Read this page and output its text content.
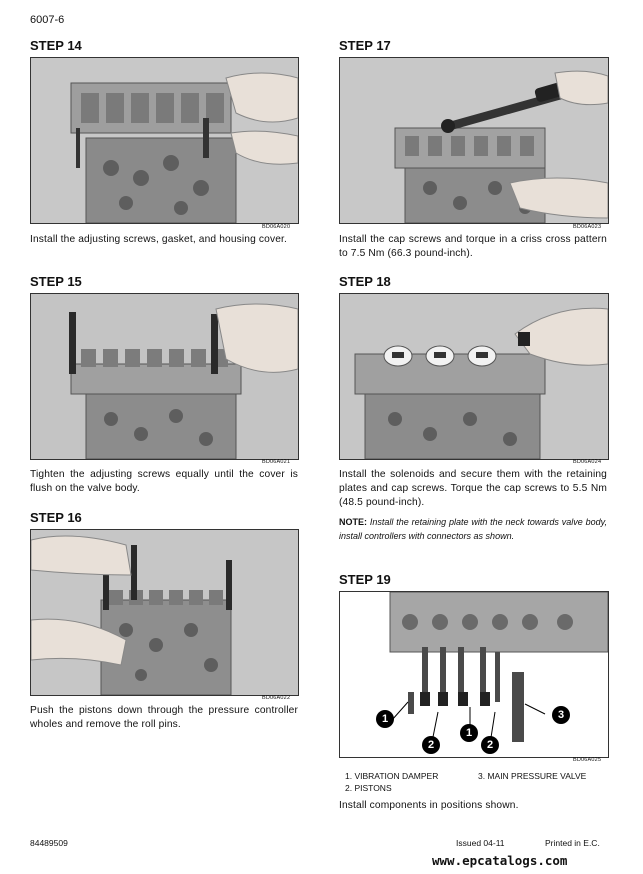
6007-6
STEP 14
BD06A020
Install the adjusting screws, gasket, and housing cover.
STEP 15
BD06A021
Tighten the adjusting screws equally until the cover is flush on the valve body.
STEP 16
BD06A022
Push the pistons down through the pressure controller wholes and remove the roll pins.
STEP 17
BD06A023
Install the cap screws and torque in a criss cross pattern to 7.5 Nm (66.3 pound-inch).
STEP 18
BD06A024
Install the solenoids and secure them with the retaining plates and cap screws. Torque the cap screws to 5.5 Nm (48.5 pound-inch).
NOTE: Install the retaining plate with the neck towards valve body, install controllers with connectors as shown.
STEP 19
1
2
1
2
3
BD06A025
1. VIBRATION DAMPER	3. MAIN PRESSURE VALVE
2. PISTONS
Install components in positions shown.
84489509	Issued 04-11	Printed in E.C.
www.epcatalogs.com
